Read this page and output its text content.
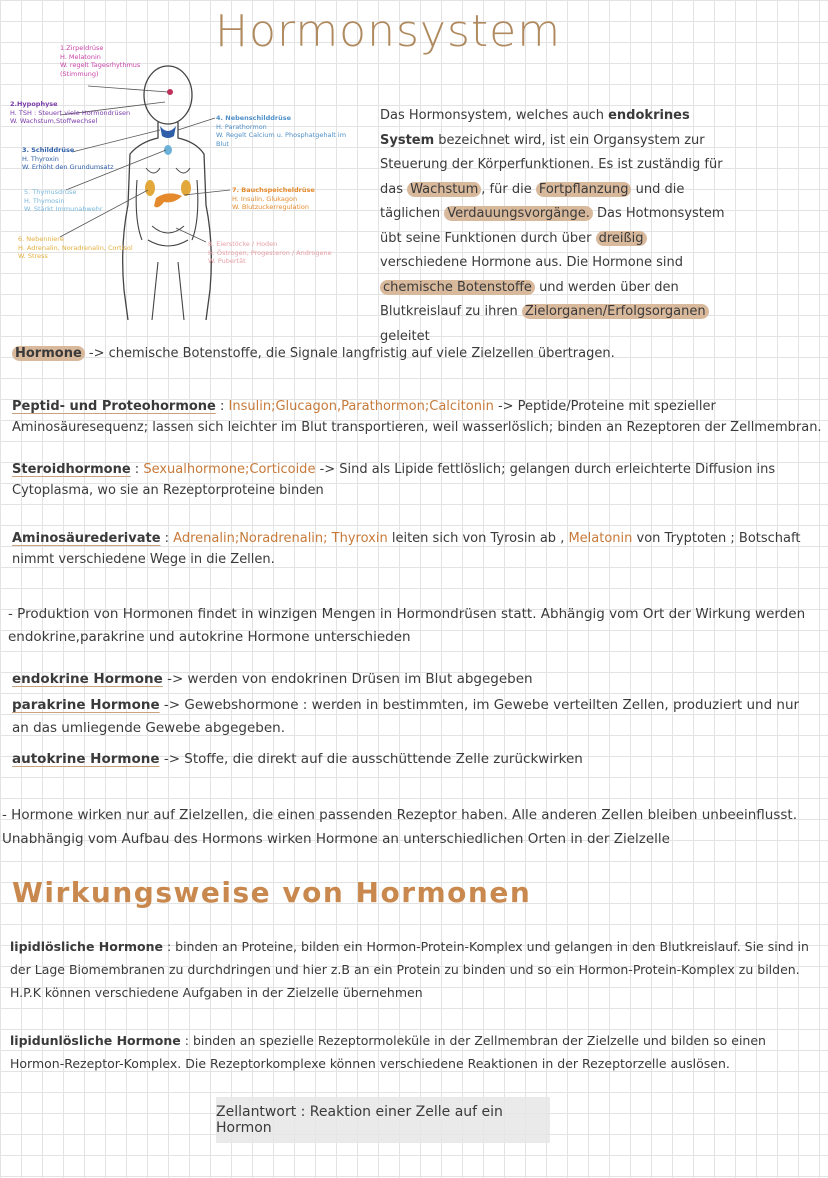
Hormonsystem
1.Zirpeldrüse
H. Melatonin
W. regelt Tagesrhythmus
(Stimmung)
2.Hypophyse
H. TSH : Steuert viele Hormondrüsen
W. Wachstum,Stoffwechsel
3. Schilddrüse
H. Thyroxin
W. Erhöht den Grundumsatz
5. Thymusdrüse
H. Thymosin
W. Stärkt Immunabwehr
6. Nebenniere
H. Adrenalin, Noradrenalin, Cortisol
W. Stress
4. Nebenschilddrüse
H. Parathormon
W. Regelt Calcium u. Phosphatgehalt im Blut
7. Bauchspeicheldrüse
H. Insulin, Glukagon
W. Blutzuckerregulation
8. Eierstöcke / Hoden
H. Östrogen, Progesteron / Androgene
W. Pubertät
Das Hormonsystem, welches auch endokrines System bezeichnet wird, ist ein Organsystem zur Steuerung der Körperfunktionen. Es ist zuständig für das Wachstum , für die Fortpflanzung und die täglichen Verdauungsvorgänge. Das Hotmonsystem übt seine Funktionen durch über dreißig verschiedene Hormone aus. Die Hormone sind chemische Botenstoffe und werden über den Blutkreislauf zu ihren Zielorganen/Erfolgsorganen geleitet
Hormone -> chemische Botenstoffe, die Signale langfristig auf viele Zielzellen übertragen.
Peptid- und Proteohormone : Insulin;Glucagon,Parathormon;Calcitonin -> Peptide/Proteine mit spezieller Aminosäuresequenz; lassen sich leichter im Blut transportieren, weil wasserlöslich; binden an Rezeptoren der Zellmembran.
Steroidhormone : Sexualhormone;Corticoide -> Sind als Lipide fettlöslich; gelangen durch erleichterte Diffusion ins Cytoplasma, wo sie an Rezeptorproteine binden
Aminosäurederivate : Adrenalin;Noradrenalin; Thyroxin leiten sich von Tyrosin ab , Melatonin von Tryptoten ; Botschaft nimmt verschiedene Wege in die Zellen.
- Produktion von Hormonen findet in winzigen Mengen in Hormondrüsen statt. Abhängig vom Ort der Wirkung werden endokrine,parakrine und autokrine Hormone unterschieden
endokrine Hormone -> werden von endokrinen Drüsen im Blut abgegeben
parakrine Hormone -> Gewebshormone : werden in bestimmten, im Gewebe verteilten Zellen, produziert und nur an das umliegende Gewebe abgegeben.
autokrine Hormone -> Stoffe, die direkt auf die ausschüttende Zelle zurückwirken
- Hormone wirken nur auf Zielzellen, die einen passenden Rezeptor haben. Alle anderen Zellen bleiben unbeeinflusst. Unabhängig vom Aufbau des Hormons wirken Hormone an unterschiedlichen Orten in der Zielzelle
Wirkungsweise von Hormonen
lipidlösliche Hormone : binden an Proteine, bilden ein Hormon-Protein-Komplex und gelangen in den Blutkreislauf. Sie sind in der Lage Biomembranen zu durchdringen und hier z.B an ein Protein zu binden und so ein Hormon-Protein-Komplex zu bilden. H.P.K können verschiedene Aufgaben in der Zielzelle übernehmen
lipidunlösliche Hormone : binden an spezielle Rezeptormoleküle in der Zellmembran der Zielzelle und bilden so einen Hormon-Rezeptor-Komplex. Die Rezeptorkomplexe können verschiedene Reaktionen in der Rezeptorzelle auslösen.
Zellantwort : Reaktion einer Zelle auf ein Hormon
